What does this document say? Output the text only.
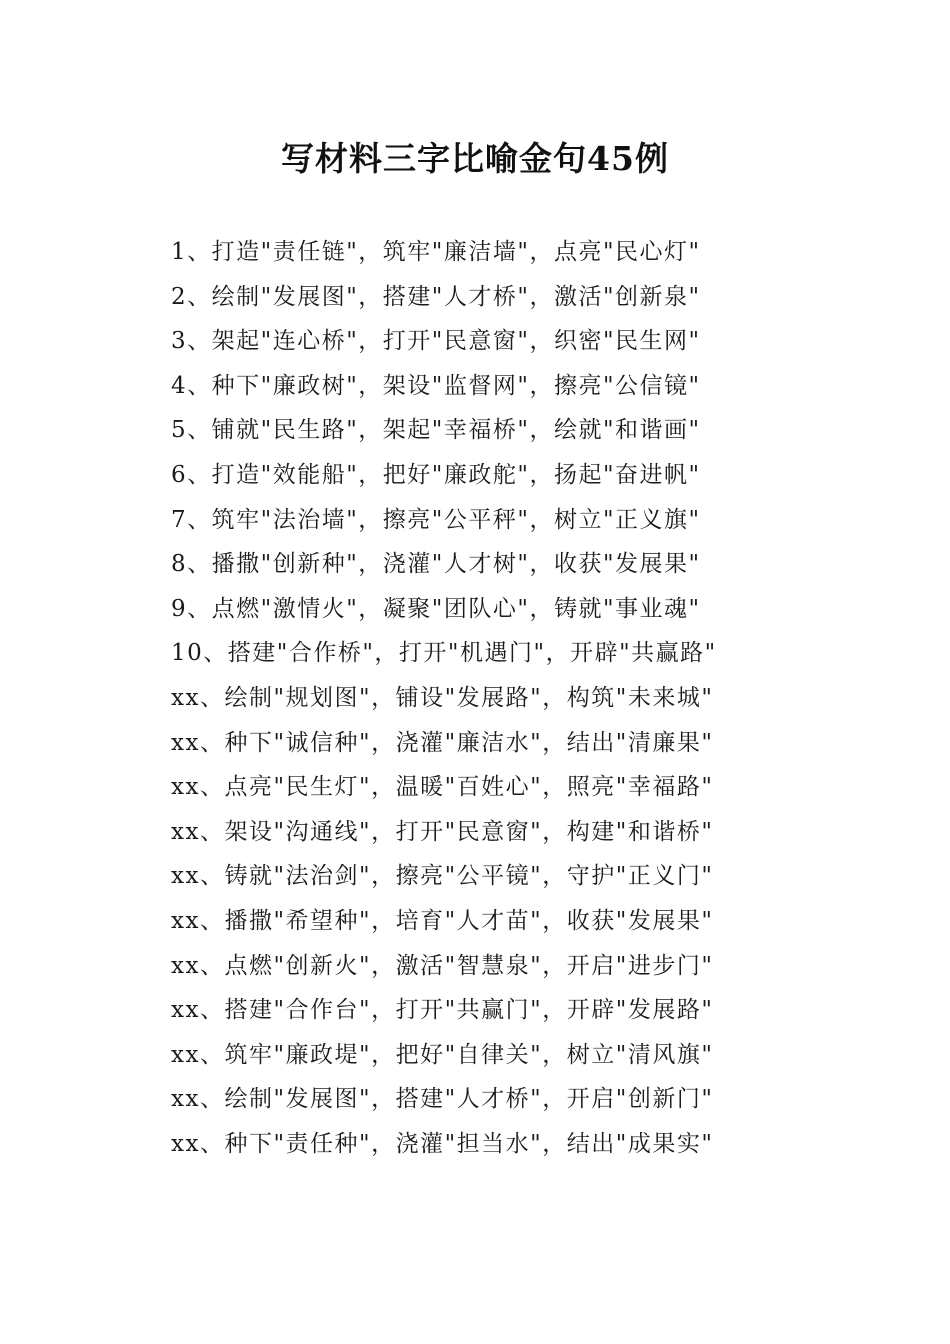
写材料三字比喻金句45例
1、打造"责任链"，筑牢"廉洁墙"，点亮"民心灯"
2、绘制"发展图"，搭建"人才桥"，激活"创新泉"
3、架起"连心桥"，打开"民意窗"，织密"民生网"
4、种下"廉政树"，架设"监督网"，擦亮"公信镜"
5、铺就"民生路"，架起"幸福桥"，绘就"和谐画"
6、打造"效能船"，把好"廉政舵"，扬起"奋进帆"
7、筑牢"法治墙"，擦亮"公平秤"，树立"正义旗"
8、播撒"创新种"，浇灌"人才树"，收获"发展果"
9、点燃"激情火"，凝聚"团队心"，铸就"事业魂"
10、搭建"合作桥"，打开"机遇门"，开辟"共赢路"
xx、绘制"规划图"，铺设"发展路"，构筑"未来城"
xx、种下"诚信种"，浇灌"廉洁水"，结出"清廉果"
xx、点亮"民生灯"，温暖"百姓心"，照亮"幸福路"
xx、架设"沟通线"，打开"民意窗"，构建"和谐桥"
xx、铸就"法治剑"，擦亮"公平镜"，守护"正义门"
xx、播撒"希望种"，培育"人才苗"，收获"发展果"
xx、点燃"创新火"，激活"智慧泉"，开启"进步门"
xx、搭建"合作台"，打开"共赢门"，开辟"发展路"
xx、筑牢"廉政堤"，把好"自律关"，树立"清风旗"
xx、绘制"发展图"，搭建"人才桥"，开启"创新门"
xx、种下"责任种"，浇灌"担当水"，结出"成果实"
